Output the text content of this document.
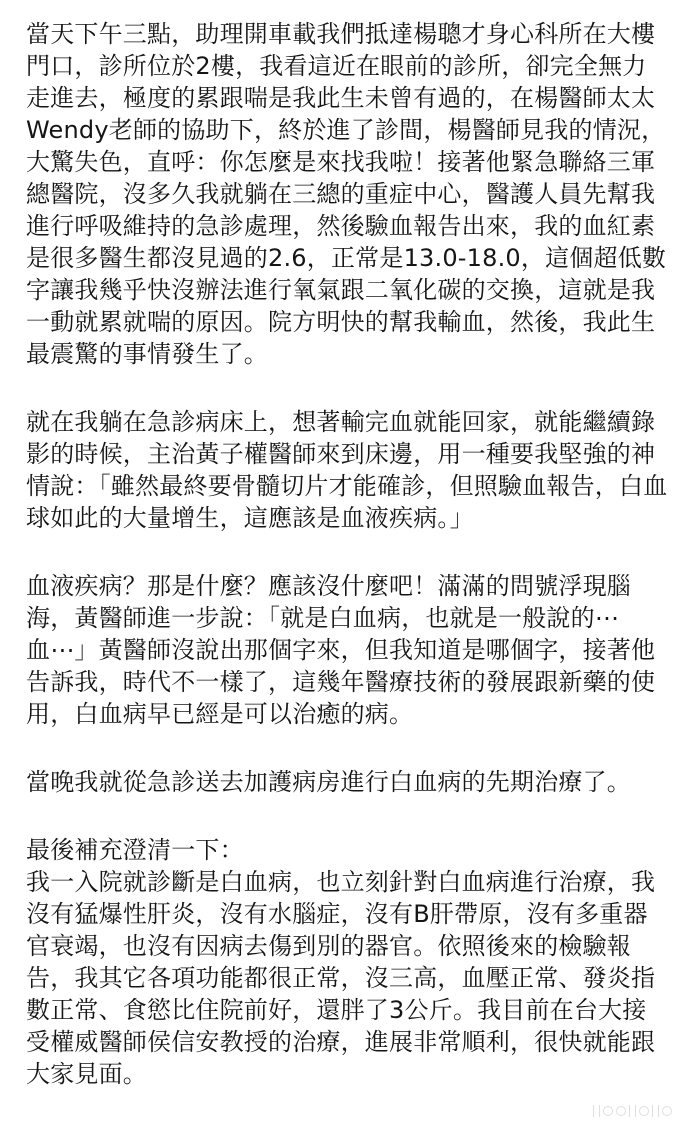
當天下午三點，助理開車載我們抵達楊聰才身心科所在大樓門口，診所位於2樓，我看這近在眼前的診所，卻完全無力走進去，極度的累跟喘是我此生未曾有過的，在楊醫師太太Wendy老師的協助下，終於進了診間，楊醫師見我的情況，大驚失色，直呼：你怎麼是來找我啦！接著他緊急聯絡三軍總醫院，沒多久我就躺在三總的重症中心，醫護人員先幫我進行呼吸維持的急診處理，然後驗血報告出來，我的血紅素是很多醫生都沒見過的2.6，正常是13.0-18.0，這個超低數字讓我幾乎快沒辦法進行氧氣跟二氧化碳的交換，這就是我一動就累就喘的原因。院方明快的幫我輸血，然後，我此生最震驚的事情發生了。

就在我躺在急診病床上，想著輸完血就能回家，就能繼續錄影的時候，主治黃子權醫師來到床邊，用一種要我堅強的神情說：「雖然最終要骨髓切片才能確診，但照驗血報告，白血球如此的大量增生，這應該是血液疾病。」

血液疾病？那是什麼？應該沒什麼吧！滿滿的問號浮現腦海，黃醫師進一步說：「就是白血病，也就是一般說的⋯血⋯」黃醫師沒說出那個字來，但我知道是哪個字，接著他告訴我，時代不一樣了，這幾年醫療技術的發展跟新藥的使用，白血病早已經是可以治癒的病。

當晚我就從急診送去加護病房進行白血病的先期治療了。

最後補充澄清一下：

我一入院就診斷是白血病，也立刻針對白血病進行治療，我沒有猛爆性肝炎，沒有水腦症，沒有B肝帶原，沒有多重器官衰竭，也沒有因病去傷到別的器官。依照後來的檢驗報告，我其它各項功能都很正常，沒三高，血壓正常、發炎指數正常、食慾比住院前好，還胖了3公斤。我目前在台大接受權威醫師侯信安教授的治療，進展非常順利，很快就能跟大家見面。
